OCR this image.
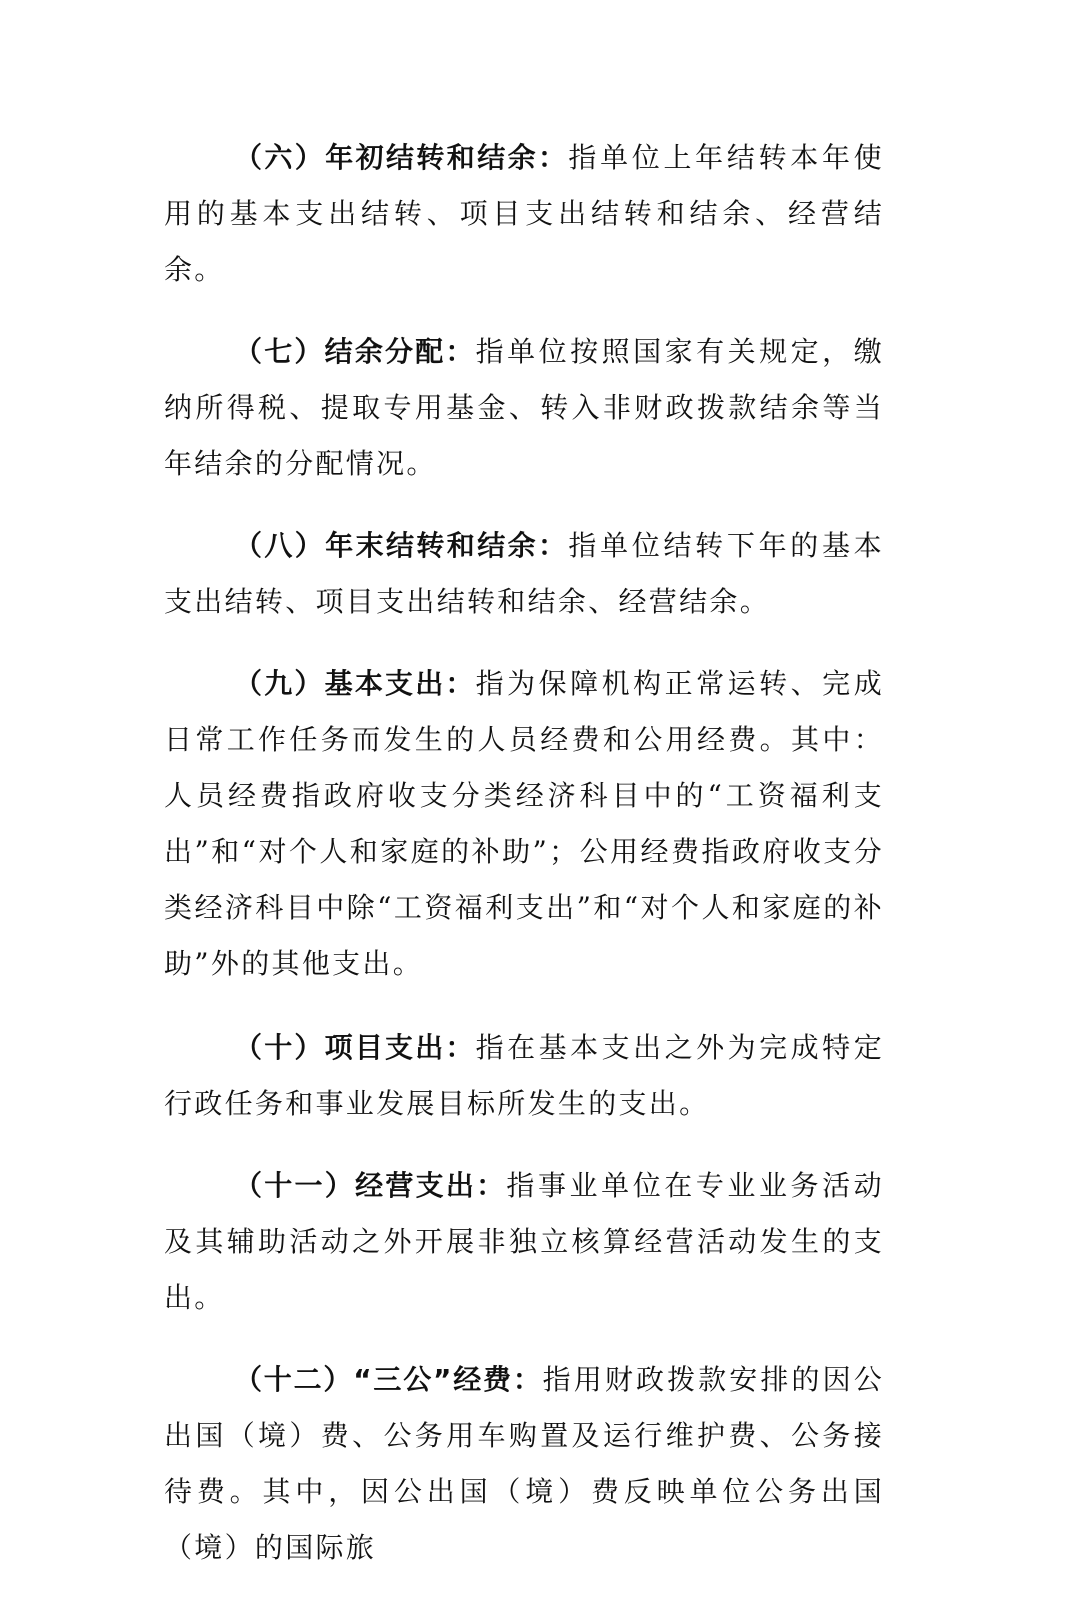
（六）年初结转和结余：指单位上年结转本年使用的基本支出结转、项目支出结转和结余、经营结余。

（七）结余分配：指单位按照国家有关规定，缴纳所得税、提取专用基金、转入非财政拨款结余等当年结余的分配情况。

（八）年末结转和结余：指单位结转下年的基本支出结转、项目支出结转和结余、经营结余。

（九）基本支出：指为保障机构正常运转、完成日常工作任务而发生的人员经费和公用经费。其中：人员经费指政府收支分类经济科目中的“工资福利支出”和“对个人和家庭的补助”；公用经费指政府收支分类经济科目中除“工资福利支出”和“对个人和家庭的补助”外的其他支出。

（十）项目支出：指在基本支出之外为完成特定行政任务和事业发展目标所发生的支出。

（十一）经营支出：指事业单位在专业业务活动及其辅助活动之外开展非独立核算经营活动发生的支出。

（十二）“三公”经费：指用财政拨款安排的因公出国（境）费、公务用车购置及运行维护费、公务接待费。其中，因公出国（境）费反映单位公务出国（境）的国际旅
